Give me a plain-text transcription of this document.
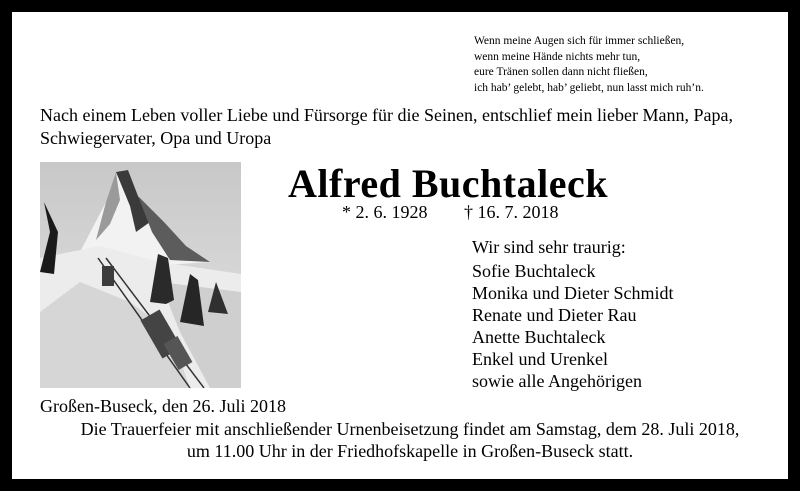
Wenn meine Augen sich für immer schließen,
wenn meine Hände nichts mehr tun,
eure Tränen sollen dann nicht fließen,
ich hab’ gelebt, hab’ geliebt, nun lasst mich ruh’n.
Nach einem Leben voller Liebe und Fürsorge für die Seinen, entschlief mein lieber Mann, Papa, Schwiegervater, Opa und Uropa
Alfred Buchtaleck
* 2. 6. 1928 † 16. 7. 2018
Wir sind sehr traurig:
Sofie Buchtaleck
Monika und Dieter Schmidt
Renate und Dieter Rau
Anette Buchtaleck
Enkel und Urenkel
sowie alle Angehörigen
Großen-Buseck, den 26. Juli 2018
Die Trauerfeier mit anschließender Urnenbeisetzung findet am Samstag, dem 28. Juli 2018,
um 11.00 Uhr in der Friedhofskapelle in Großen-Buseck statt.
